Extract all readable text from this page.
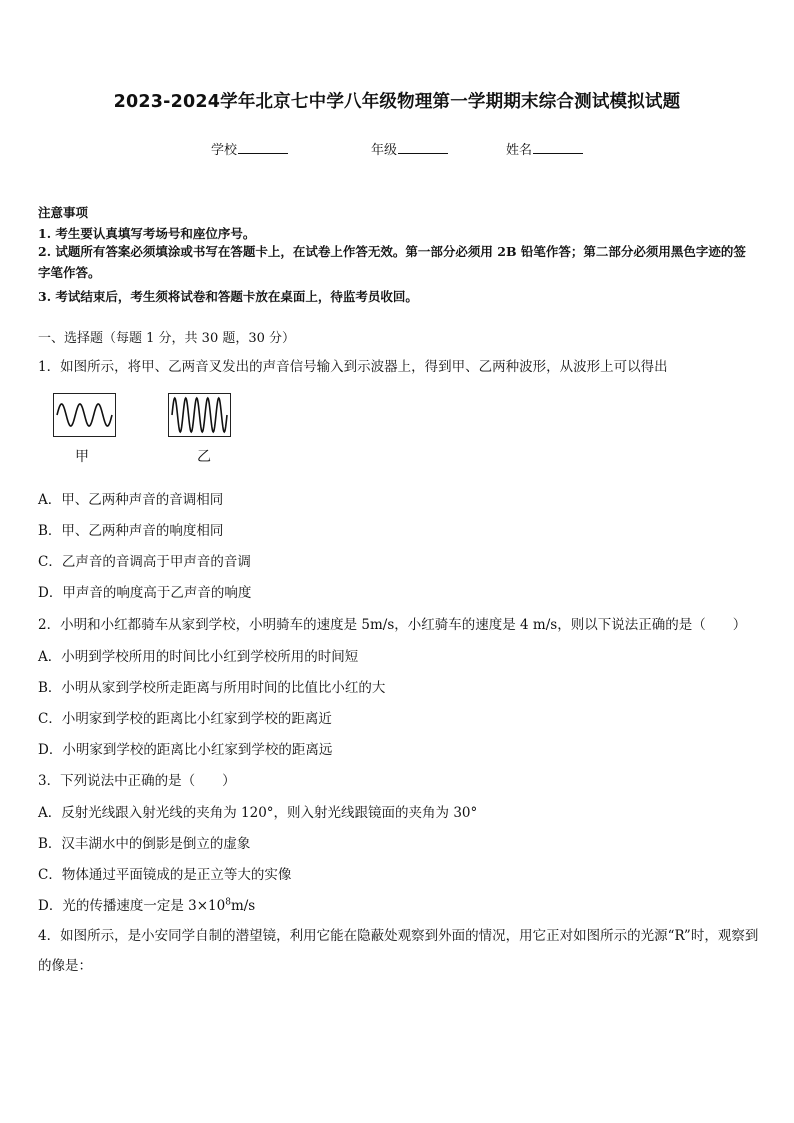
2023-2024学年北京七中学八年级物理第一学期期末综合测试模拟试题
学校	年级	姓名
注意事项
1. 考生要认真填写考场号和座位序号。
2. 试题所有答案必须填涂或书写在答题卡上，在试卷上作答无效。第一部分必须用 2B 铅笔作答；第二部分必须用黑色字迹的签字笔作答。
3. 考试结束后，考生须将试卷和答题卡放在桌面上，待监考员收回。
一、选择题（每题 1 分，共 30 题，30 分）
1．如图所示，将甲、乙两音叉发出的声音信号输入到示波器上，得到甲、乙两种波形，从波形上可以得出
甲	乙
A．甲、乙两种声音的音调相同
B．甲、乙两种声音的响度相同
C．乙声音的音调高于甲声音的音调
D．甲声音的响度高于乙声音的响度
2．小明和小红都骑车从家到学校，小明骑车的速度是 5m/s，小红骑车的速度是 4 m/s，则以下说法正确的是（　　）
A．小明到学校所用的时间比小红到学校所用的时间短
B．小明从家到学校所走距离与所用时间的比值比小红的大
C．小明家到学校的距离比小红家到学校的距离近
D．小明家到学校的距离比小红家到学校的距离远
3．下列说法中正确的是（　　）
A．反射光线跟入射光线的夹角为 120°，则入射光线跟镜面的夹角为 30°
B．汉丰湖水中的倒影是倒立的虚象
C．物体通过平面镜成的是正立等大的实像
D．光的传播速度一定是 $3\times 10^8m/s$
4．如图所示，是小安同学自制的潜望镜，利用它能在隐蔽处观察到外面的情况，用它正对如图所示的光源“R”时，观察到的像是：
